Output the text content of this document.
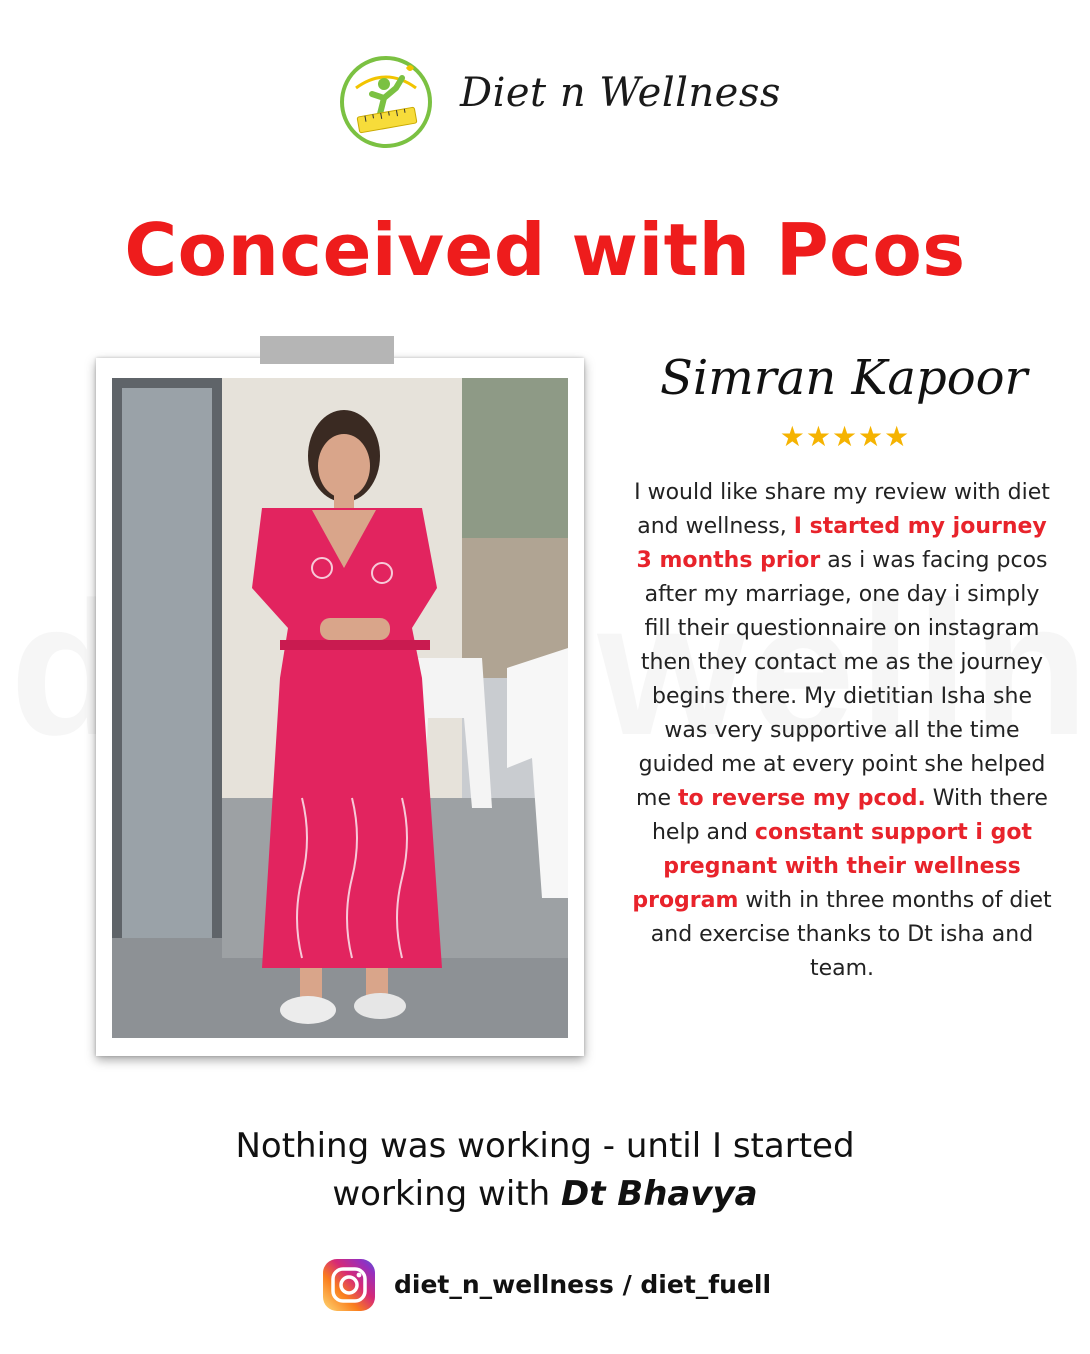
Diet n Wellness
Conceived with Pcos
Simran Kapoor
★★★★★
I would like share my review with diet and wellness, I started my journey 3 months prior as i was facing pcos after my marriage, one day i simply fill their questionnaire on instagram then they contact me as the journey begins there. My dietitian Isha she was very supportive all the time guided me at every point she helped me to reverse my pcod. With there help and constant support i got pregnant with their wellness program with in three months of diet and exercise thanks to Dt isha and team.
Nothing was working - until I started
working with Dt Bhavya
diet_n_wellness / diet_fuell
